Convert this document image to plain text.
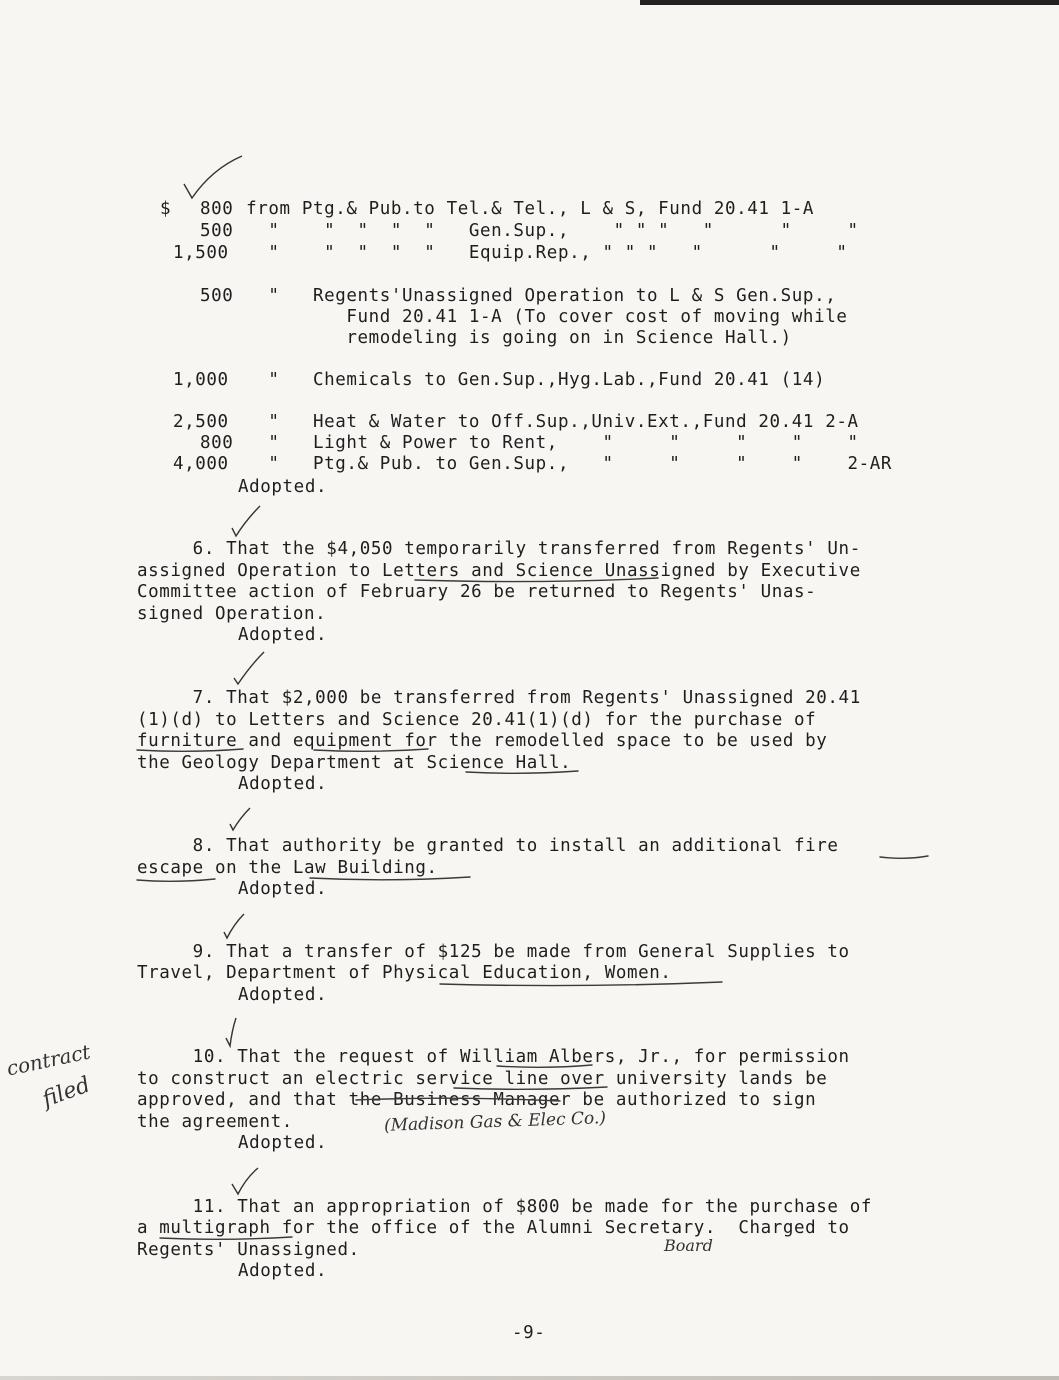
$ 800 from Ptg.& Pub.to Tel.& Tel., L & S, Fund 20.41 1-A
500 "    "  "  "  "   Gen.Sup.,    " " "   "      "     "
1,500 "    "  "  "  "   Equip.Rep., " " "   "      "     "
500 "   Regents'Unassigned Operation to L & S Gen.Sup.,
Fund 20.41 1-A (To cover cost of moving while
remodeling is going on in Science Hall.)
1,000 "   Chemicals to Gen.Sup.,Hyg.Lab.,Fund 20.41 (14)
2,500 "   Heat & Water to Off.Sup.,Univ.Ext.,Fund 20.41 2-A
800 "   Light & Power to Rent,    "     "     "    "    "
4,000 "   Ptg.& Pub. to Gen.Sup.,   "     "     "    "    2-AR
Adopted.
6. That the $4,050 temporarily transferred from Regents' Un-
assigned Operation to Letters and Science Unassigned by Executive
Committee action of February 26 be returned to Regents' Unas-
signed Operation.
Adopted.
7. That $2,000 be transferred from Regents' Unassigned 20.41
(1)(d) to Letters and Science 20.41(1)(d) for the purchase of
furniture and equipment for the remodelled space to be used by
the Geology Department at Science Hall.
Adopted.
8. That authority be granted to install an additional fire
escape on the Law Building.
Adopted.
9. That a transfer of $125 be made from General Supplies to
Travel, Department of Physical Education, Women.
Adopted.
10. That the request of William Albers, Jr., for permission
to construct an electric service line over university lands be
approved, and that the Business Manager be authorized to sign
the agreement.
Adopted.
11. That an appropriation of $800 be made for the purchase of
a multigraph for the office of the Alumni Secretary.  Charged to
Regents' Unassigned.
Adopted.
-9-
contract
filed
(Madison Gas & Elec Co.)
Board
